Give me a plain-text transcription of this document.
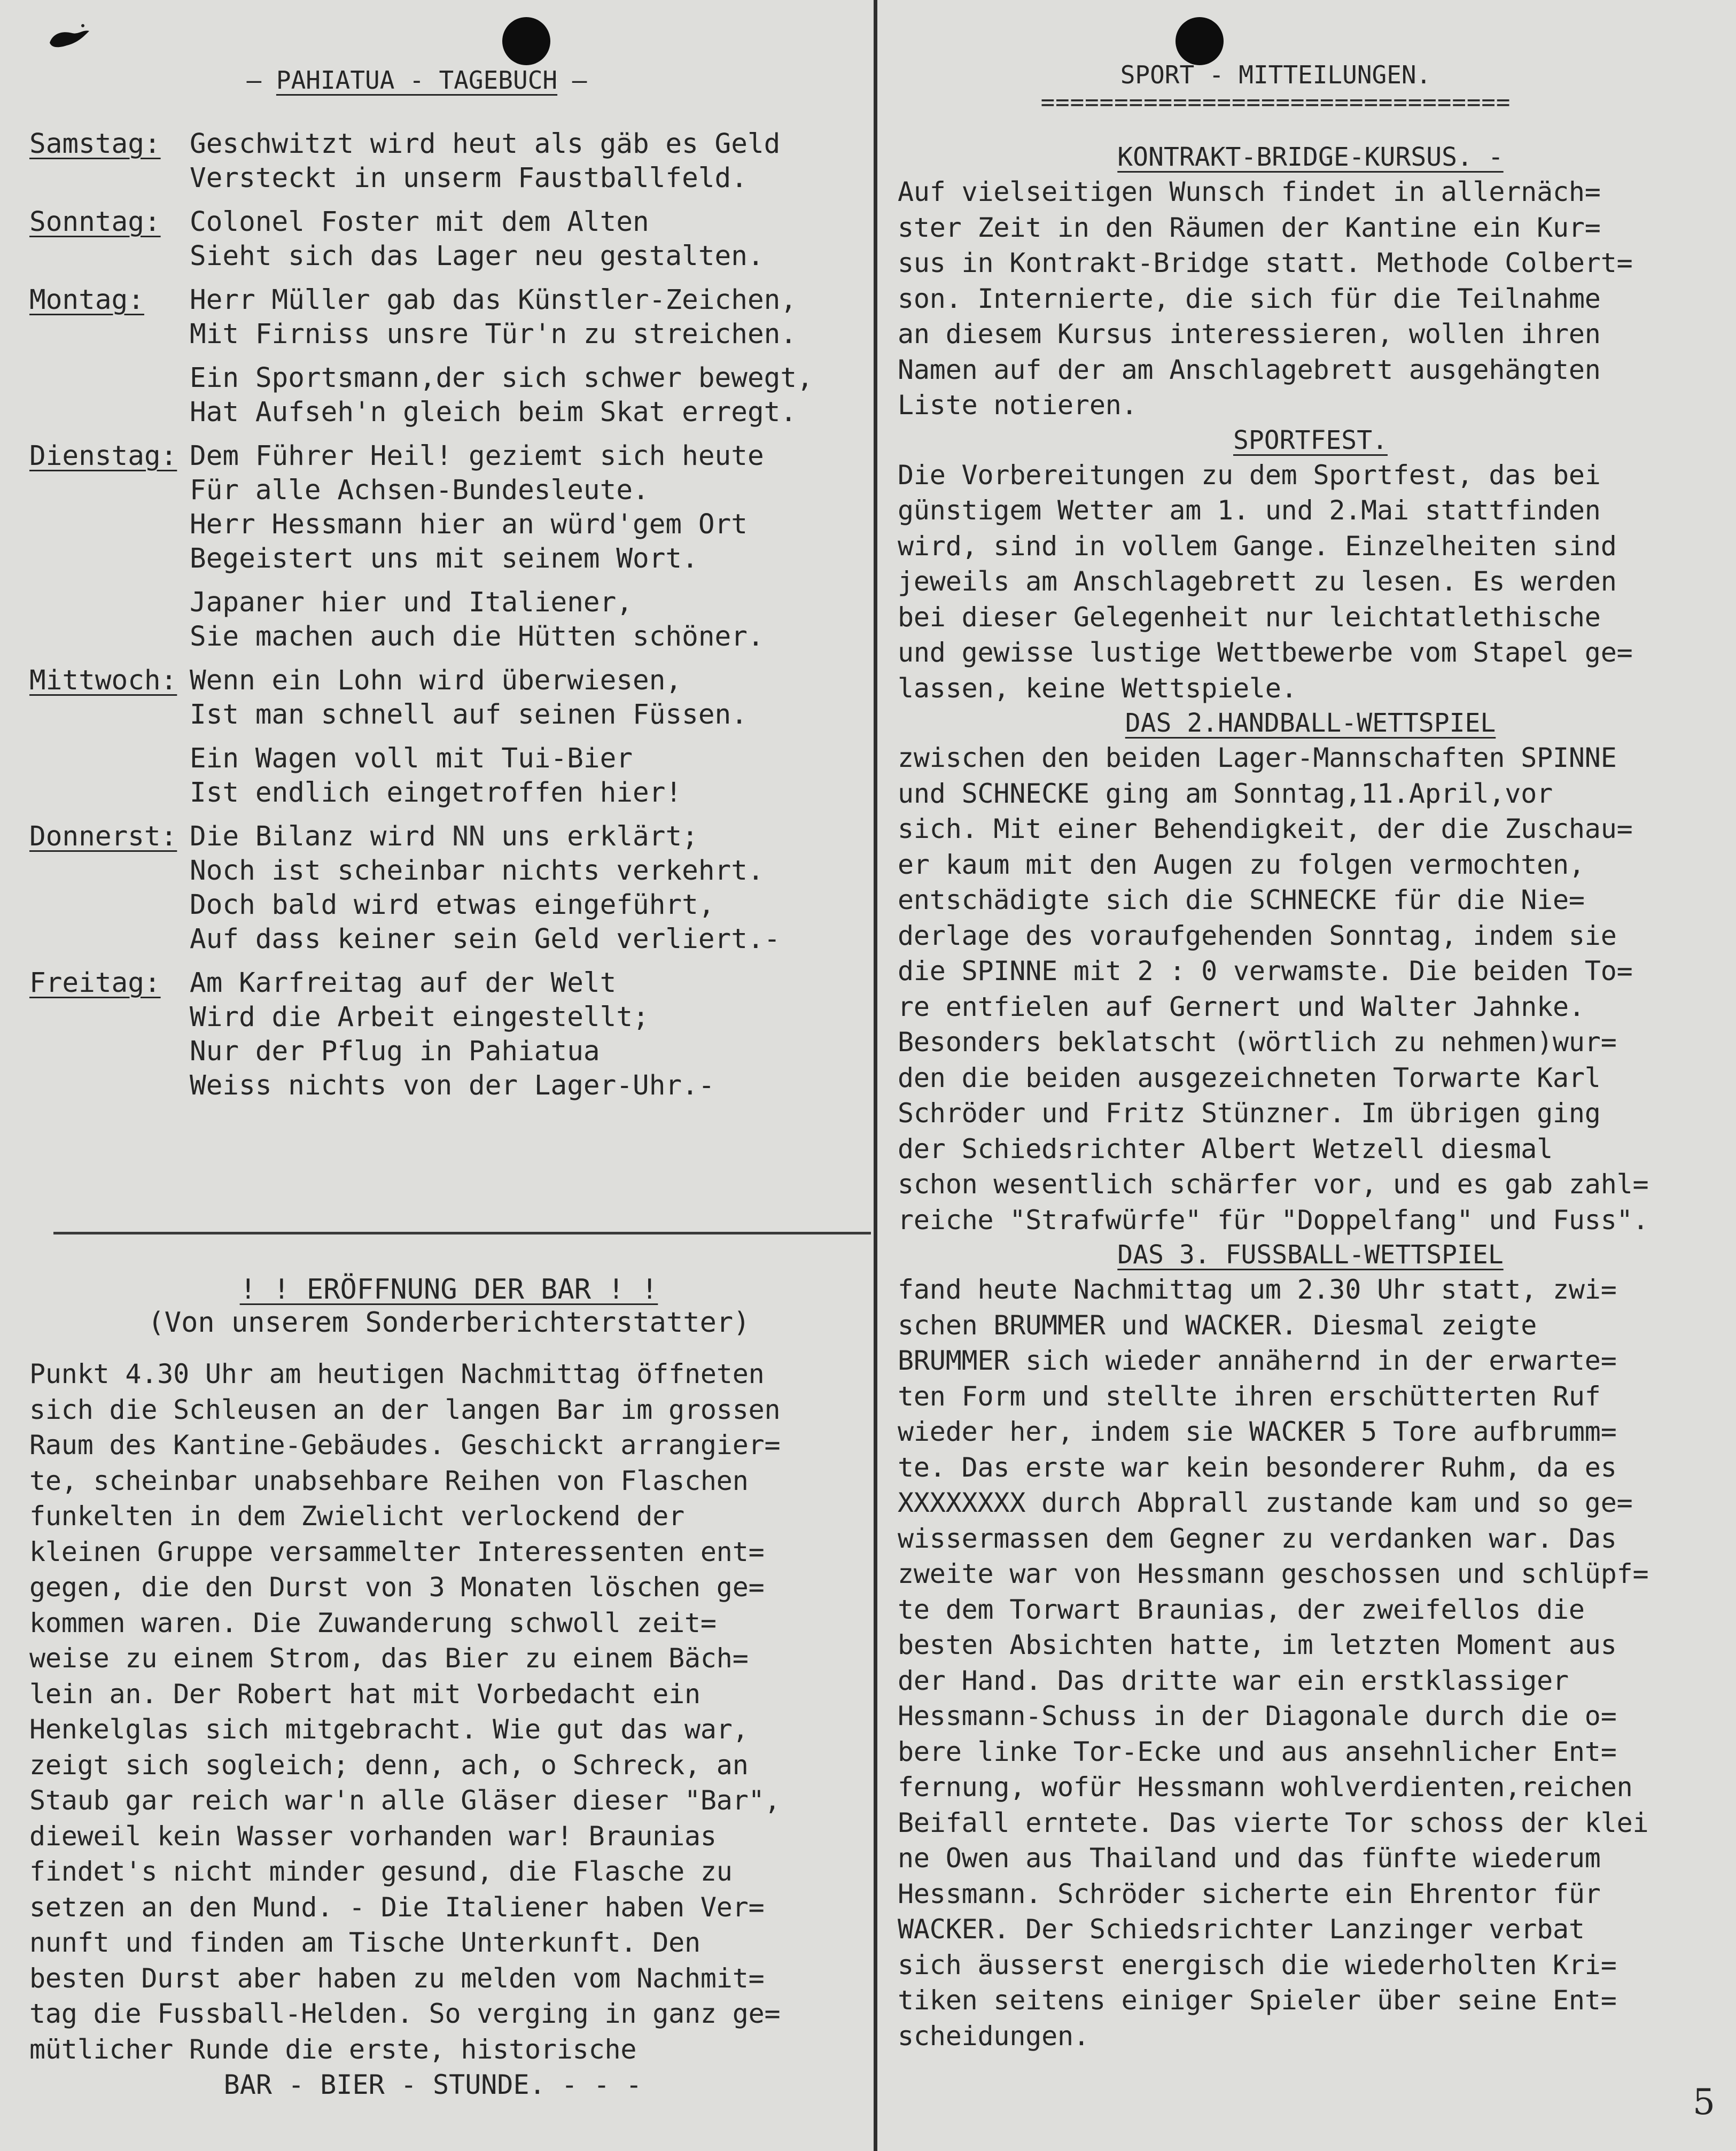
— PAHIATUA - TAGEBUCH —
Samstag:	Geschwitzt wird heut als gäb es Geld
Versteckt in unserm Faustballfeld.
Sonntag:	Colonel Foster mit dem Alten
Sieht sich das Lager neu gestalten.
Montag:	Herr Müller gab das Künstler-Zeichen,
Mit Firniss unsre Tür'n zu streichen.
Ein Sportsmann,der sich schwer bewegt,
Hat Aufseh'n gleich beim Skat erregt.
Dienstag: Dem Führer Heil! geziemt sich heute
Für alle Achsen-Bundesleute.
Herr Hessmann hier an würd'gem Ort
Begeistert uns mit seinem Wort.
Japaner hier und Italiener,
Sie machen auch die Hütten schöner.
Mittwoch: Wenn ein Lohn wird überwiesen,
Ist man schnell auf seinen Füssen.
Ein Wagen voll mit Tui-Bier
Ist endlich eingetroffen hier!
Donnerst: Die Bilanz wird NN uns erklärt;
Noch ist scheinbar nichts verkehrt.
Doch bald wird etwas eingeführt,
Auf dass keiner sein Geld verliert.-
Freitag:	Am Karfreitag auf der Welt
Wird die Arbeit eingestellt;
Nur der Pflug in Pahiatua
Weiss nichts von der Lager-Uhr.-
! ! ERÖFFNUNG DER BAR ! !
(Von unserem Sonderberichterstatter)
Punkt 4.30 Uhr am heutigen Nachmittag öffneten
sich die Schleusen an der langen Bar im grossen
Raum des Kantine-Gebäudes. Geschickt arrangier=
te, scheinbar unabsehbare Reihen von Flaschen
funkelten in dem Zwielicht verlockend der
kleinen Gruppe versammelter Interessenten ent=
gegen, die den Durst von 3 Monaten löschen ge=
kommen waren. Die Zuwanderung schwoll zeit=
weise zu einem Strom, das Bier zu einem Bäch=
lein an. Der Robert hat mit Vorbedacht ein
Henkelglas sich mitgebracht. Wie gut das war,
zeigt sich sogleich; denn, ach, o Schreck, an
Staub gar reich war'n alle Gläser dieser "Bar",
dieweil kein Wasser vorhanden war! Braunias
findet's nicht minder gesund, die Flasche zu
setzen an den Mund. - Die Italiener haben Ver=
nunft und finden am Tische Unterkunft. Den
besten Durst aber haben zu melden vom Nachmit=
tag die Fussball-Helden. So verging in ganz ge=
mütlicher Runde die erste, historische
BAR - BIER - STUNDE. - - -
SPORT - MITTEILUNGEN.
================================
KONTRAKT-BRIDGE-KURSUS. -
Auf vielseitigen Wunsch findet in allernäch=
ster Zeit in den Räumen der Kantine ein Kur=
sus in Kontrakt-Bridge statt. Methode Colbert=
son. Internierte, die sich für die Teilnahme
an diesem Kursus interessieren, wollen ihren
Namen auf der am Anschlagebrett ausgehängten
Liste notieren.
SPORTFEST.
Die Vorbereitungen zu dem Sportfest, das bei
günstigem Wetter am 1. und 2.Mai stattfinden
wird, sind in vollem Gange. Einzelheiten sind
jeweils am Anschlagebrett zu lesen. Es werden
bei dieser Gelegenheit nur leichtatlethische
und gewisse lustige Wettbewerbe vom Stapel ge=
lassen, keine Wettspiele.
DAS 2.HANDBALL-WETTSPIEL
zwischen den beiden Lager-Mannschaften SPINNE
und SCHNECKE ging am Sonntag,11.April,vor
sich. Mit einer Behendigkeit, der die Zuschau=
er kaum mit den Augen zu folgen vermochten,
entschädigte sich die SCHNECKE für die Nie=
derlage des voraufgehenden Sonntag, indem sie
die SPINNE mit 2 : 0 verwamste. Die beiden To=
re entfielen auf Gernert und Walter Jahnke.
Besonders beklatscht (wörtlich zu nehmen)wur=
den die beiden ausgezeichneten Torwarte Karl
Schröder und Fritz Stünzner. Im übrigen ging
der Schiedsrichter Albert Wetzell diesmal
schon wesentlich schärfer vor, und es gab zahl=
reiche "Strafwürfe" für "Doppelfang" und Fuss".
DAS 3. FUSSBALL-WETTSPIEL
fand heute Nachmittag um 2.30 Uhr statt, zwi=
schen BRUMMER und WACKER. Diesmal zeigte
BRUMMER sich wieder annähernd in der erwarte=
ten Form und stellte ihren erschütterten Ruf
wieder her, indem sie WACKER 5 Tore aufbrumm=
te. Das erste war kein besonderer Ruhm, da es
XXXXXXXX durch Abprall zustande kam und so ge=
wissermassen dem Gegner zu verdanken war. Das
zweite war von Hessmann geschossen und schlüpf=
te dem Torwart Braunias, der zweifellos die
besten Absichten hatte, im letzten Moment aus
der Hand. Das dritte war ein erstklassiger
Hessmann-Schuss in der Diagonale durch die o=
bere linke Tor-Ecke und aus ansehnlicher Ent=
fernung, wofür Hessmann wohlverdienten,reichen
Beifall erntete. Das vierte Tor schoss der klei
ne Owen aus Thailand und das fünfte wiederum
Hessmann. Schröder sicherte ein Ehrentor für
WACKER. Der Schiedsrichter Lanzinger verbat
sich äusserst energisch die wiederholten Kri=
tiken seitens einiger Spieler über seine Ent=
scheidungen.
5
